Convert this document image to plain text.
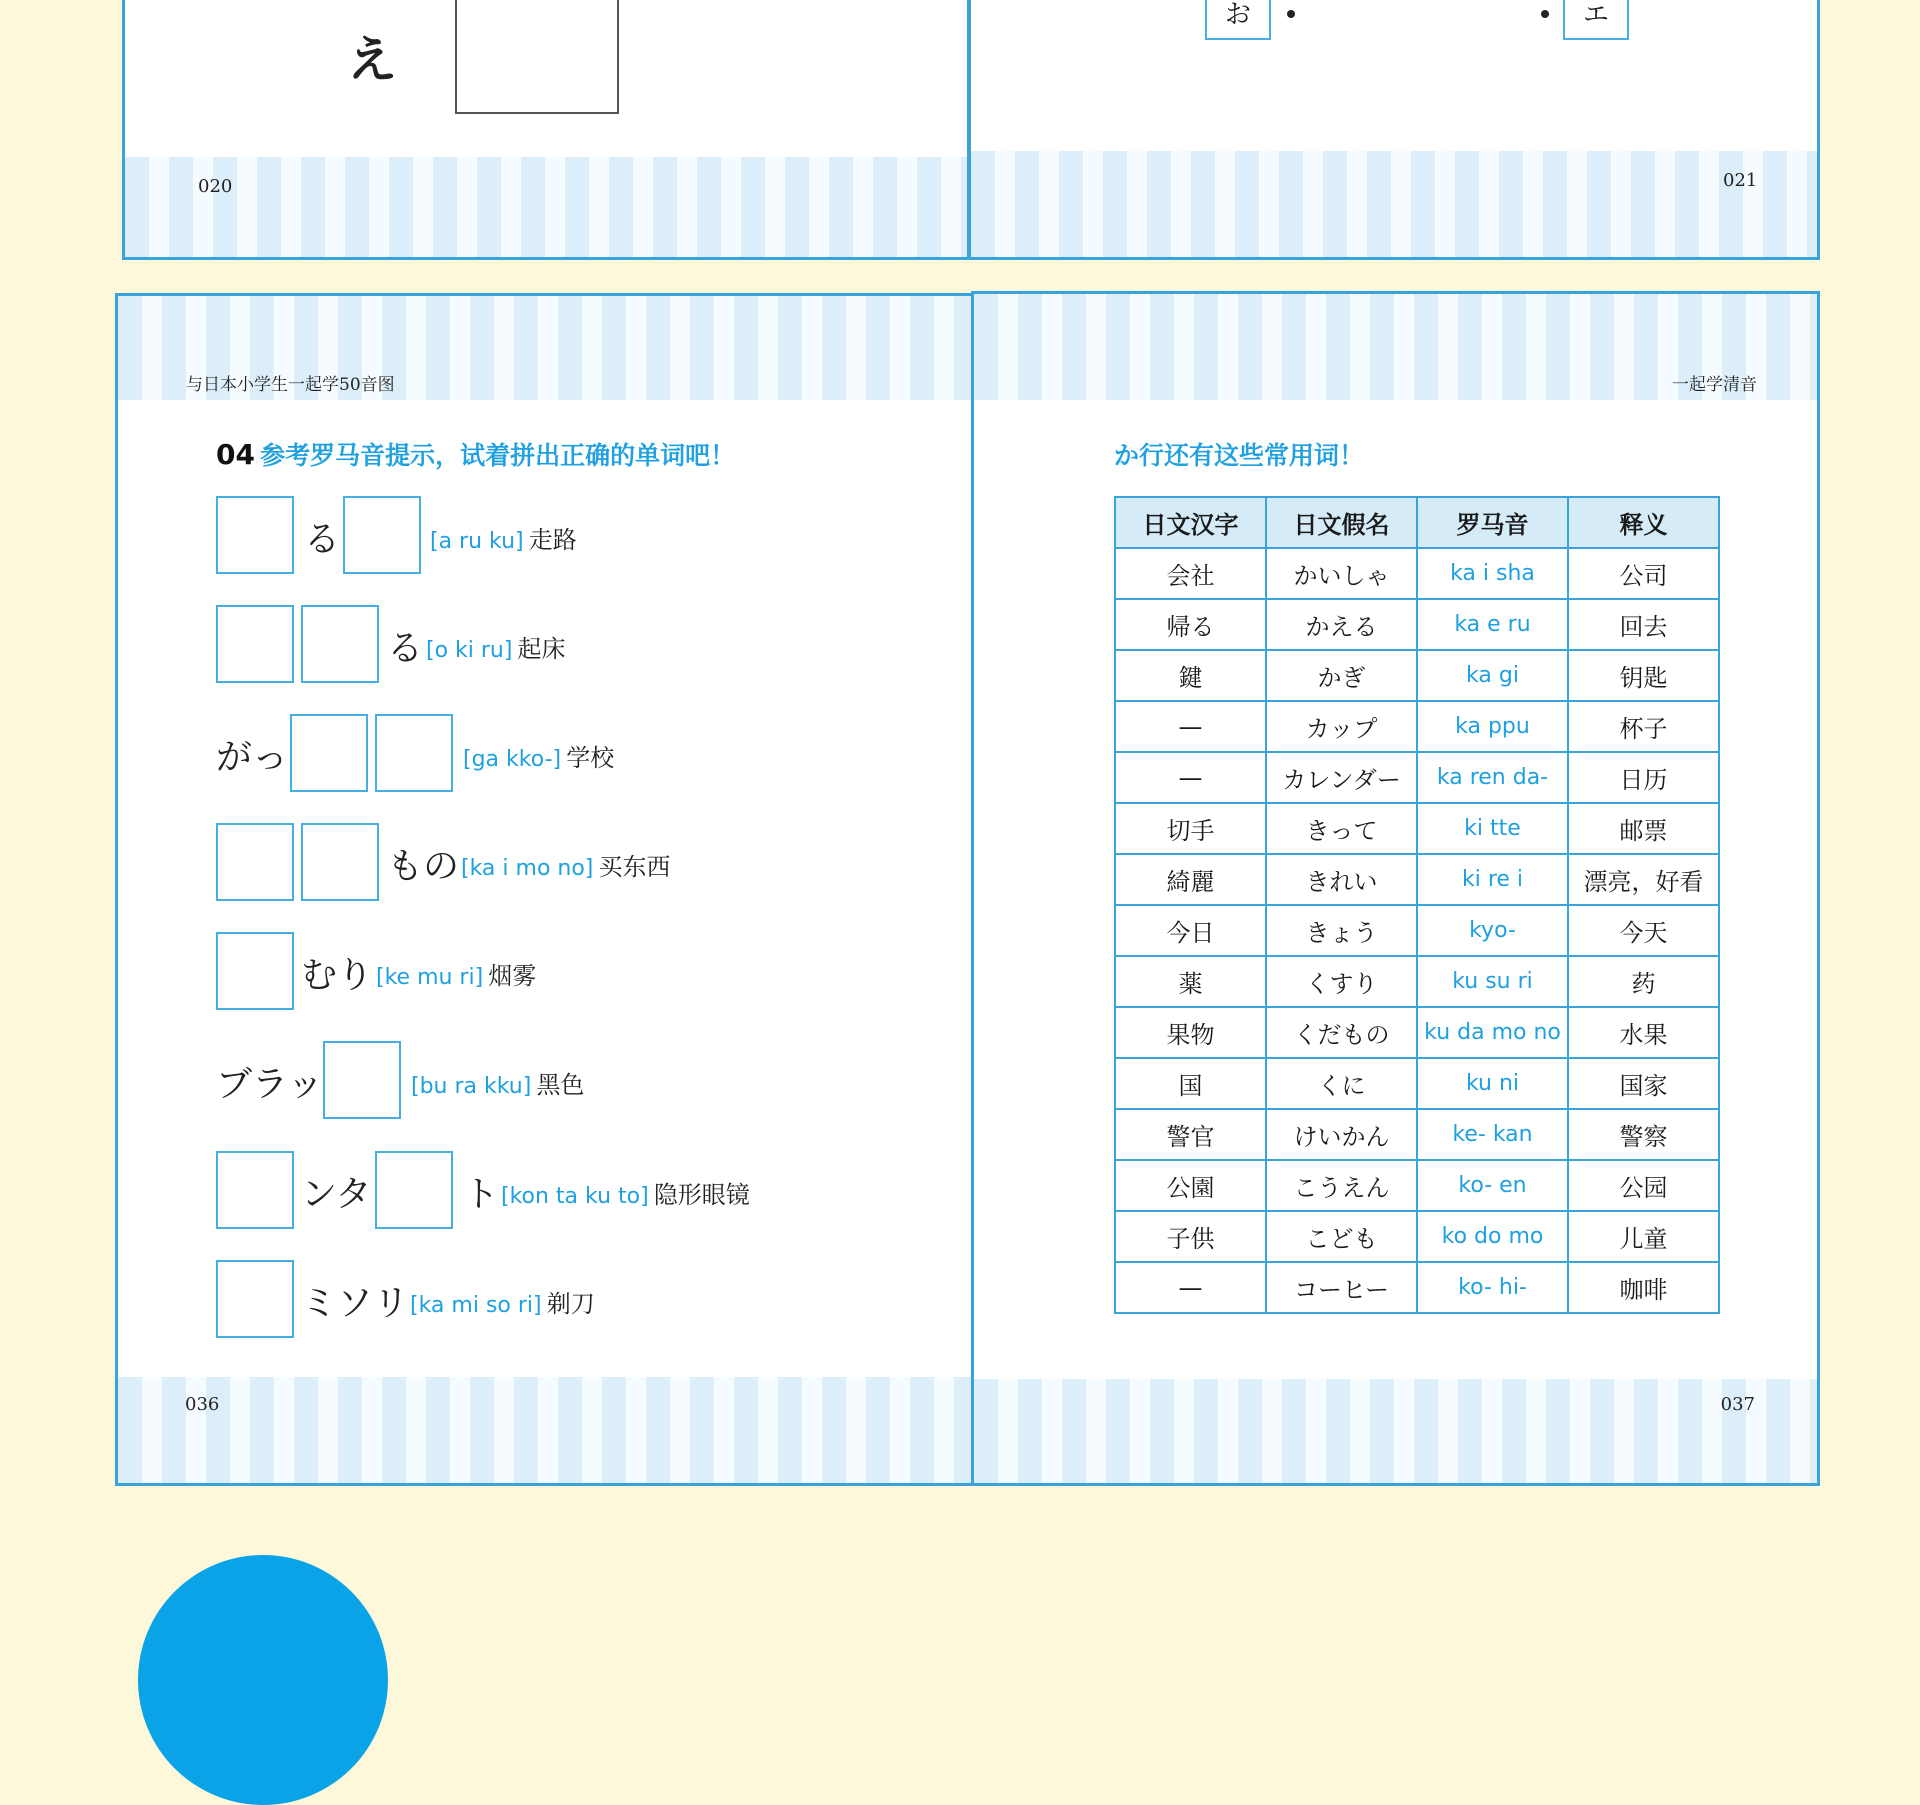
え
020
お	エ
021
与日本小学生一起学50音图
04 参考罗马音提示，试着拼出正确的单词吧！
る	[a ru ku] 走路
る [o ki ru] 起床
がっ	[ga kko-] 学校
もの [ka i mo no] 买东西
むり [ke mu ri] 烟雾
ブラッ	[bu ra kku] 黑色
ンタ	ト [kon ta ku to] 隐形眼镜
ミソリ [ka mi so ri] 剃刀
036
一起学清音
か行还有这些常用词！
日文汉字	日文假名	罗马音	释义
会社	かいしゃ	ka i sha	公司
帰る	かえる	ka e ru	回去
鍵	かぎ	ka gi	钥匙
—	カップ	ka ppu	杯子
—	カレンダー	ka ren da-	日历
切手	きって	ki tte	邮票
綺麗	きれい	ki re i	漂亮，好看
今日	きょう	kyo-	今天
薬	くすり	ku su ri	药
果物	くだもの	ku da mo no	水果
国	くに	ku ni	国家
警官	けいかん	ke- kan	警察
公園	こうえん	ko- en	公园
子供	こども	ko do mo	儿童
—	コーヒー	ko- hi-	咖啡
037
